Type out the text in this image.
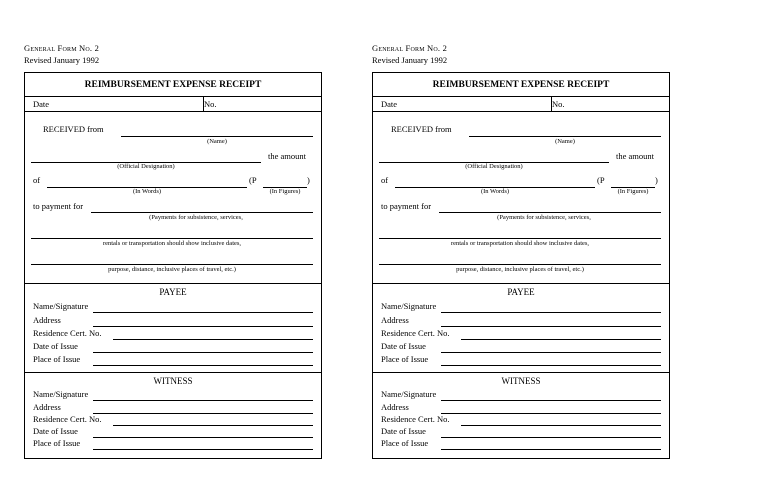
General Form No. 2
Revised January 1992
REIMBURSEMENT EXPENSE RECEIPT
Date	No.
RECEIVED from
(Name)
the amount
(Official Designation)
of
(In Words)
(P	)
(In Figures)
to payment for
(Payments for subsistence, services,
rentals or transportation should show inclusive dates,
purpose, distance, inclusive places of travel, etc.)
PAYEE
Name/Signature
Address
Residence Cert. No.
Date of Issue
Place of Issue
WITNESS
Name/Signature
Address
Residence Cert. No.
Date of Issue
Place of Issue
General Form No. 2
Revised January 1992
REIMBURSEMENT EXPENSE RECEIPT
Date	No.
RECEIVED from
(Name)
the amount
(Official Designation)
of
(In Words)
(P	)
(In Figures)
to payment for
(Payments for subsistence, services,
rentals or transportation should show inclusive dates,
purpose, distance, inclusive places of travel, etc.)
PAYEE
Name/Signature
Address
Residence Cert. No.
Date of Issue
Place of Issue
WITNESS
Name/Signature
Address
Residence Cert. No.
Date of Issue
Place of Issue
